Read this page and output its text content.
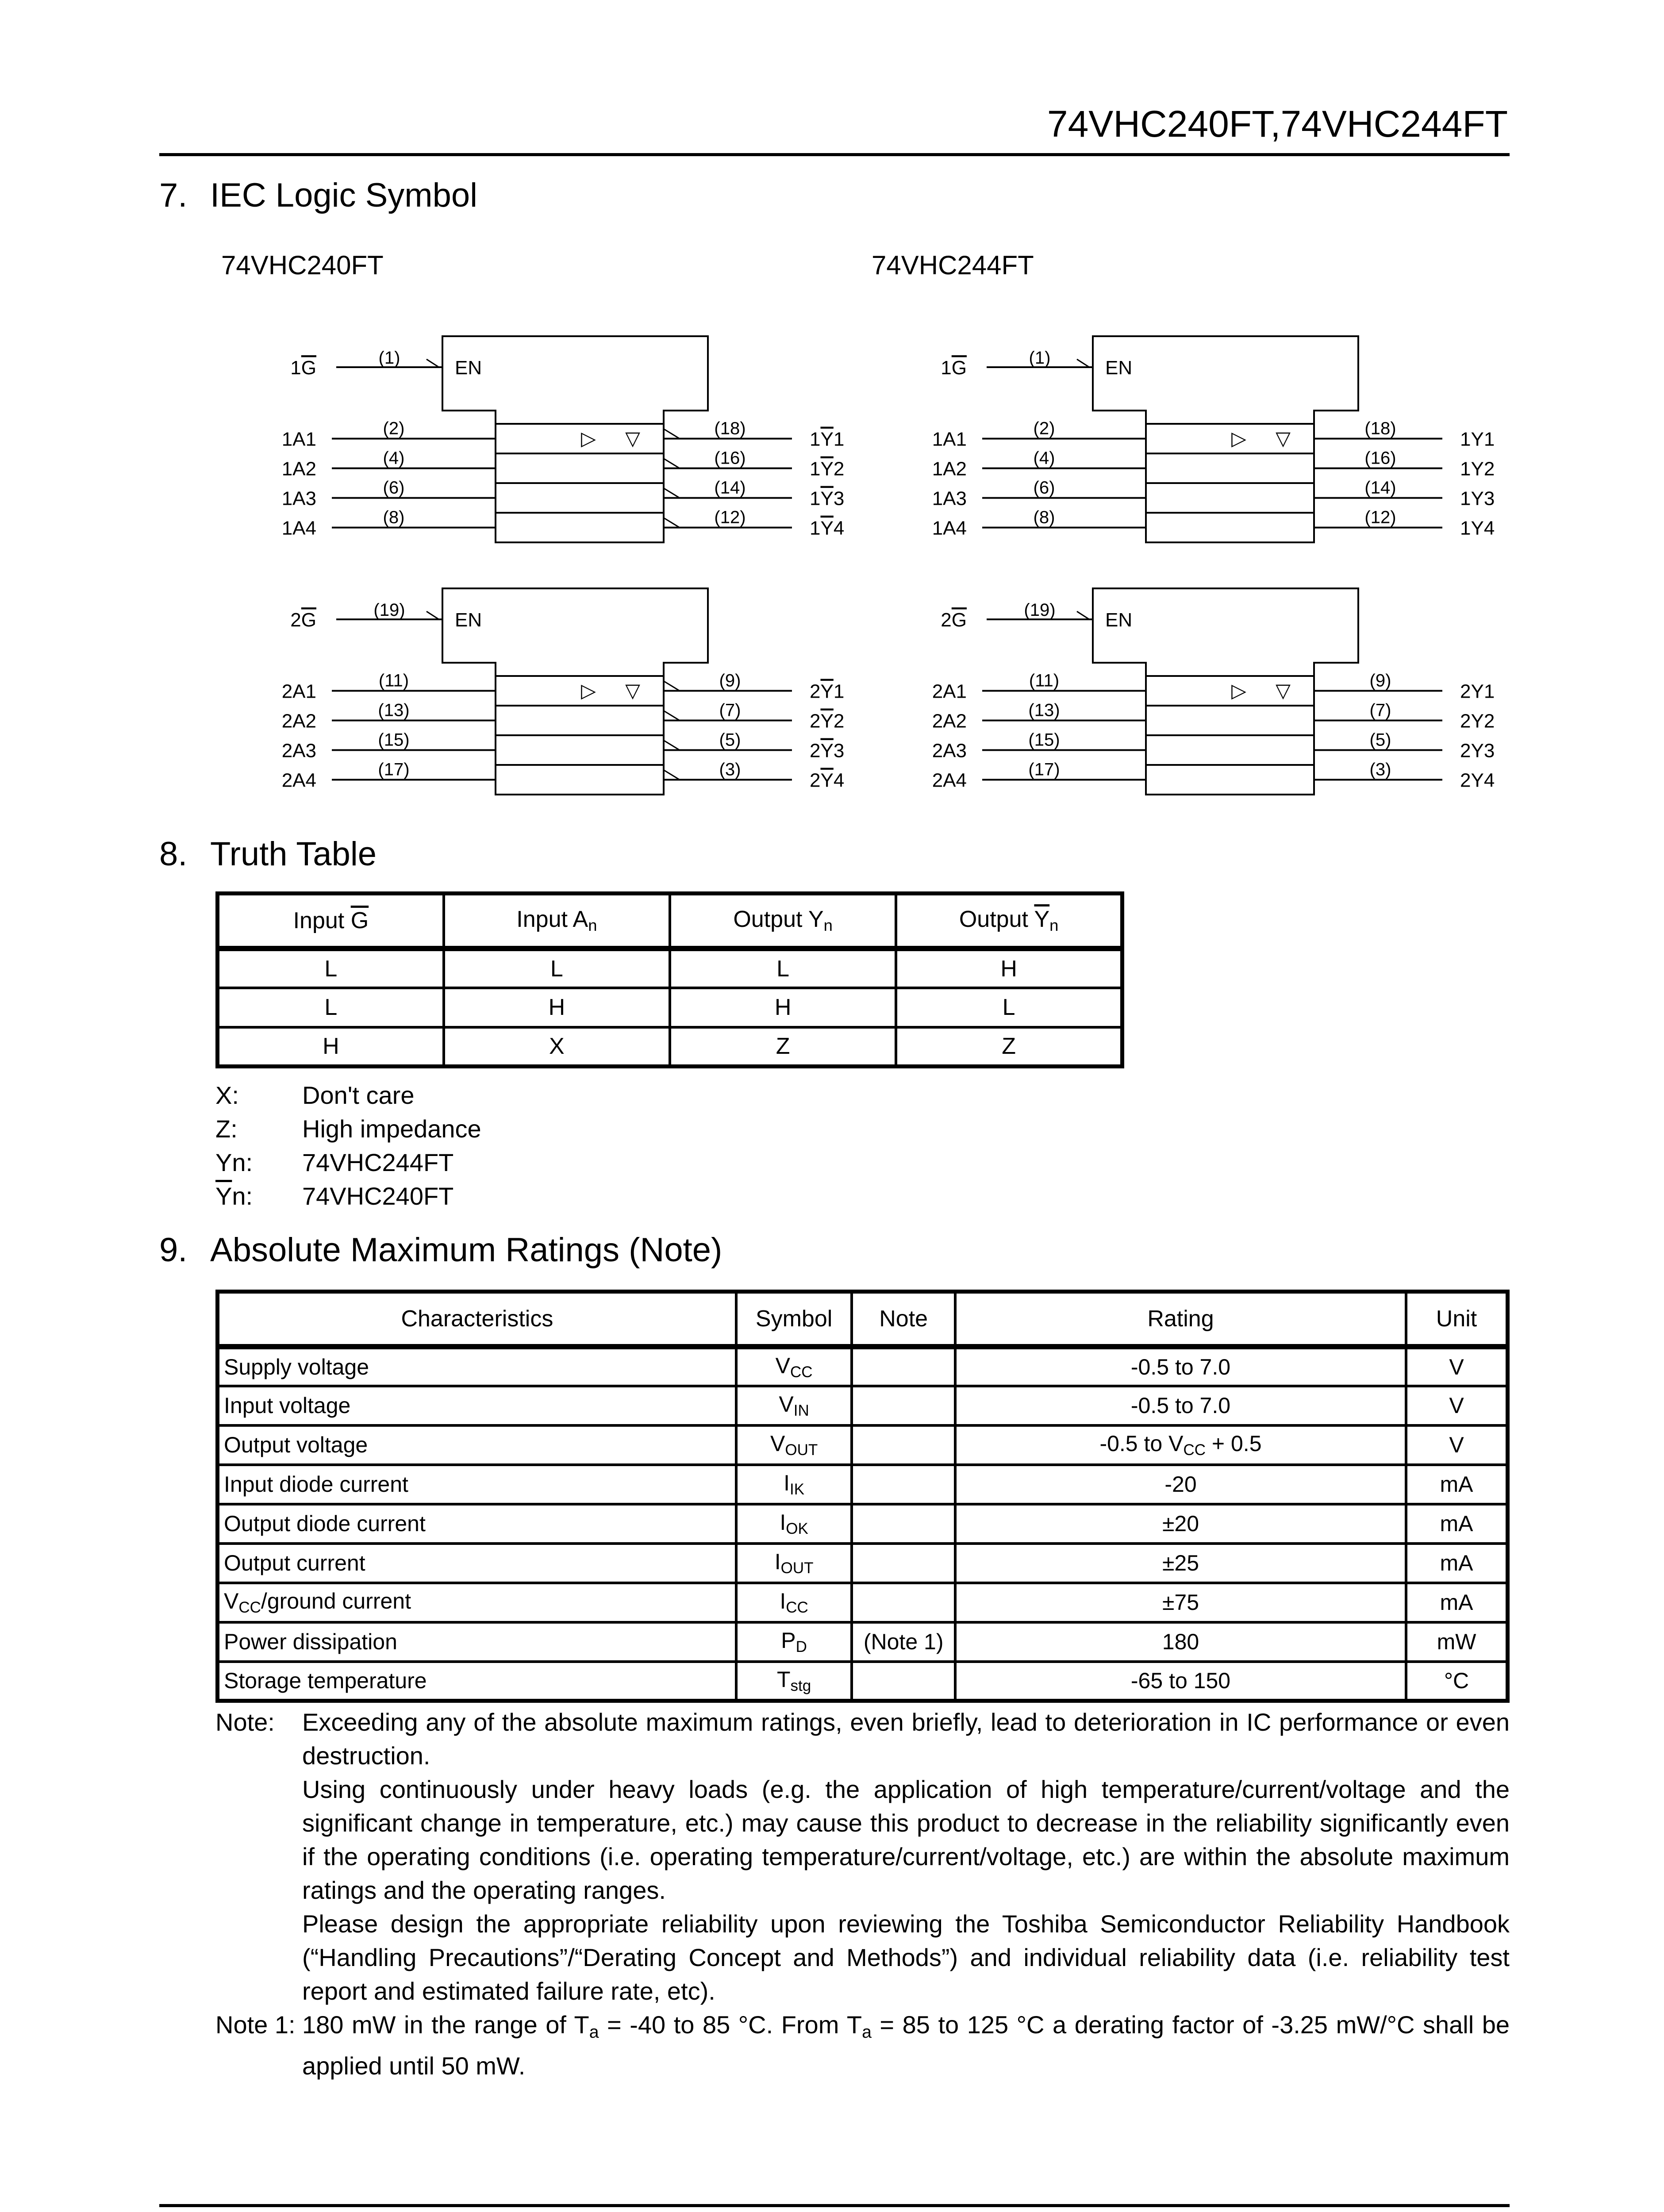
74VHC240FT,74VHC244FT
7. IEC Logic Symbol
74VHC240FT	74VHC244FT
1G	(1)	EN
▷ ▽
1A1	(2)	(18)	1Y1
1A2	(4)	(16)	1Y2
1A3	(6)	(14)	1Y3
1A4	(8)	(12)	1Y4
2G	(19)	EN
▷ ▽
2A1	(11)	(9)	2Y1
2A2	(13)	(7)	2Y2
2A3	(15)	(5)	2Y3
2A4	(17)	(3)	2Y4
1G	(1)	EN
▷ ▽
1A1	(2)	(18)	1Y1
1A2	(4)	(16)	1Y2
1A3	(6)	(14)	1Y3
1A4	(8)	(12)	1Y4
2G	(19)	EN
▷ ▽
2A1	(11)	(9)	2Y1
2A2	(13)	(7)	2Y2
2A3	(15)	(5)	2Y3
2A4	(17)	(3)	2Y4
8. Truth Table
Input $\overline{G}$	Input $A_n$	Output $Y_n$	Output $\overline{Y}_n$
L	L	L	H
L	H	H	L
H	X	Z	Z
X:	Don't care
Z:	High impedance
Yn:	74VHC244FT
$\overline{Y}n$:	74VHC240FT
9. Absolute Maximum Ratings (Note)
Characteristics	Symbol	Note	Rating	Unit
Supply voltage	$V_{CC}$		-0.5 to 7.0	V
Input voltage	$V_{IN}$		-0.5 to 7.0	V
Output voltage	$V_{OUT}$		-0.5 to $V_{CC} + 0.5$	V
Input diode current	$I_{IK}$		-20	mA
Output diode current	$I_{OK}$		±20	mA
Output current	$I_{OUT}$		±25	mA
$V_{CC}$/ground current	$I_{CC}$		±75	mA
Power dissipation	$P_D$	(Note 1)	180	mW
Storage temperature	$T_{stg}$		-65 to 150	°C
Note:	Exceeding any of the absolute maximum ratings, even briefly, lead to deterioration in IC performance or even destruction.

Using continuously under heavy loads (e.g. the application of high temperature/current/voltage and the significant change in temperature, etc.) may cause this product to decrease in the reliability significantly even if the operating conditions (i.e. operating temperature/current/voltage, etc.) are within the absolute maximum ratings and the operating ranges.

Please design the appropriate reliability upon reviewing the Toshiba Semiconductor Reliability Handbook (“Handling Precautions”/“Derating Concept and Methods”) and individual reliability data (i.e. reliability test report and estimated failure rate, etc).

Note 1: 180 mW in the range of $T_a = -40$ to 85 °C. From $T_a = 85$ to 125 °C a derating factor of -3.25 mW/°C shall be applied until 50 mW.
